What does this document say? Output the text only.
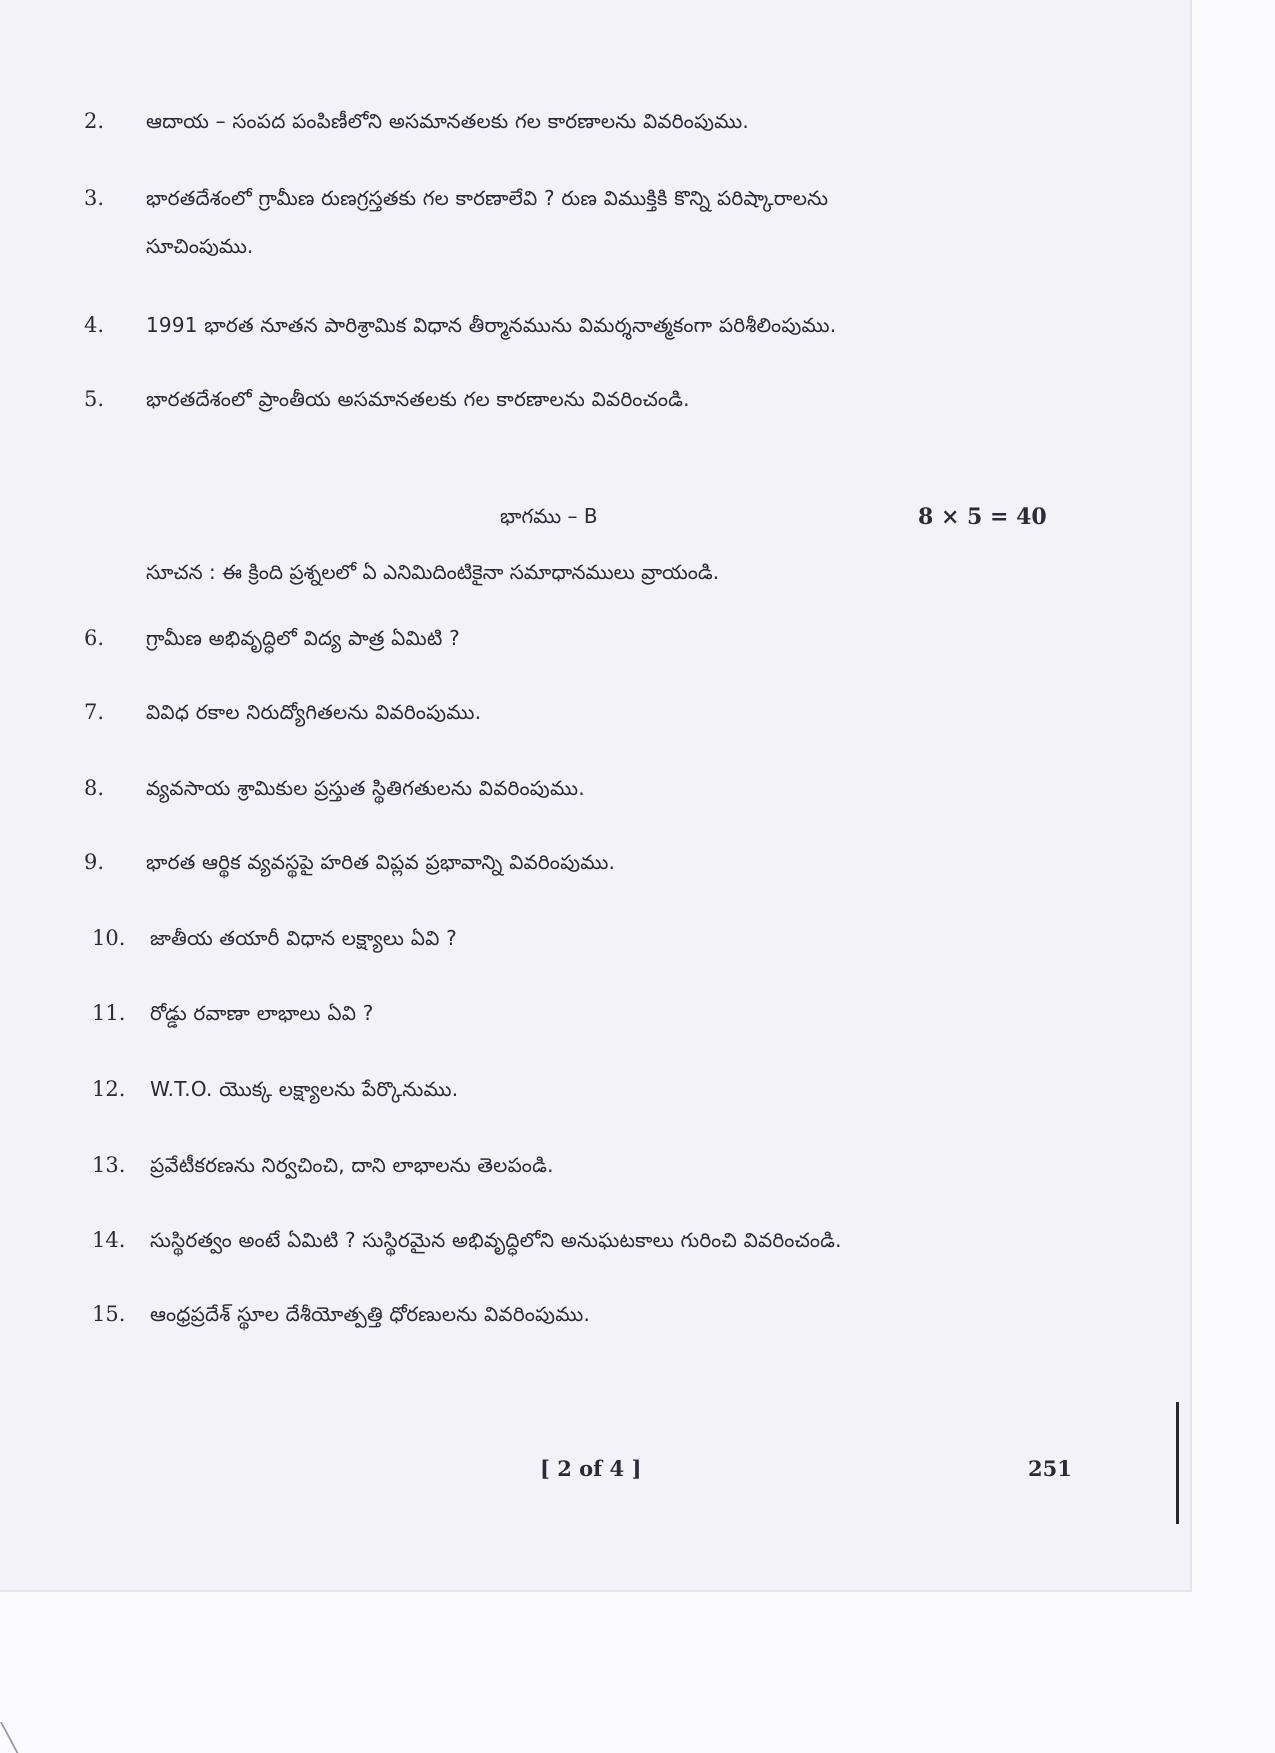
2.	ఆదాయ – సంపద పంపిణీలోని అసమానతలకు గల కారణాలను వివరింపుము.
3.	భారతదేశంలో గ్రామీణ రుణగ్రస్తతకు గల కారణాలేవి ? రుణ విముక్తికి కొన్ని పరిష్కారాలను
సూచింపుము.
4.	1991 భారత నూతన పారిశ్రామిక విధాన తీర్మానమును విమర్శనాత్మకంగా పరిశీలింపుము.
5.	భారతదేశంలో ప్రాంతీయ అసమానతలకు గల కారణాలను వివరించండి.
భాగము – B	8 × 5 = 40
సూచన : ఈ క్రింది ప్రశ్నలలో ఏ ఎనిమిదింటికైనా సమాధానములు వ్రాయండి.
6.	గ్రామీణ అభివృద్ధిలో విద్య పాత్ర ఏమిటి ?
7.	వివిధ రకాల నిరుద్యోగితలను వివరింపుము.
8.	వ్యవసాయ శ్రామికుల ప్రస్తుత స్థితిగతులను వివరింపుము.
9.	భారత ఆర్థిక వ్యవస్థపై హరిత విప్లవ ప్రభావాన్ని వివరింపుము.
10.	జాతీయ తయారీ విధాన లక్ష్యాలు ఏవి ?
11.	రోడ్డు రవాణా లాభాలు ఏవి ?
12.	W.T.O. యొక్క లక్ష్యాలను పేర్కొనుము.
13.	ప్రవేటీకరణను నిర్వచించి, దాని లాభాలను తెలపండి.
14.	సుస్థిరత్వం అంటే ఏమిటి ? సుస్థిరమైన అభివృద్ధిలోని అనుఘటకాలు గురించి వివరించండి.
15.	ఆంధ్రప్రదేశ్ స్థూల దేశీయోత్పత్తి ధోరణులను వివరింపుము.
[ 2 of 4 ]	251
